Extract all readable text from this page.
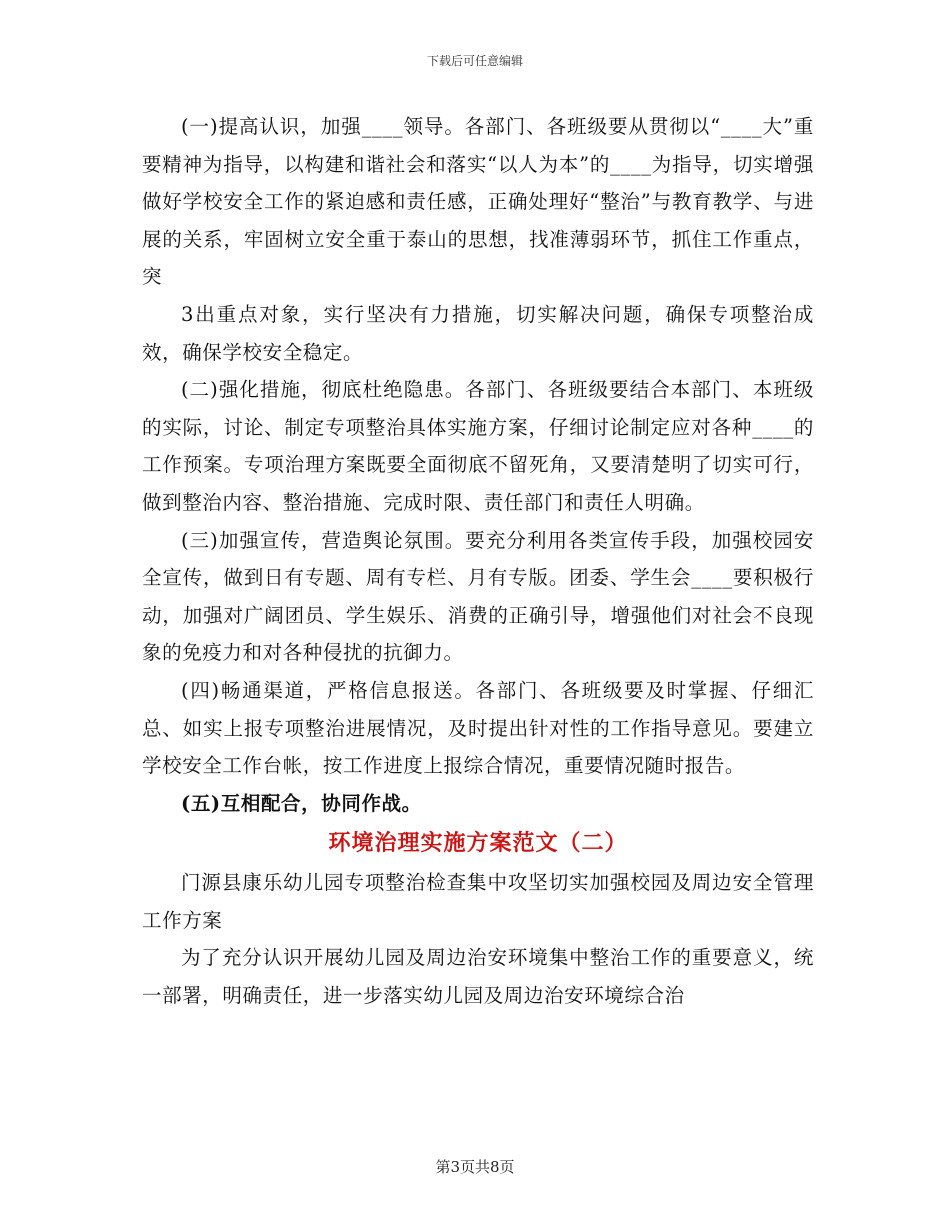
下载后可任意编辑

(一)提高认识，加强____领导。各部门、各班级要从贯彻以“____大”重要精神为指导，以构建和谐社会和落实“以人为本”的____为指导，切实增强做好学校安全工作的紧迫感和责任感，正确处理好“整治”与教育教学、与进展的关系，牢固树立安全重于泰山的思想，找准薄弱环节，抓住工作重点，突

3出重点对象，实行坚决有力措施，切实解决问题，确保专项整治成效，确保学校安全稳定。

(二)强化措施，彻底杜绝隐患。各部门、各班级要结合本部门、本班级的实际，讨论、制定专项整治具体实施方案，仔细讨论制定应对各种____的工作预案。专项治理方案既要全面彻底不留死角，又要清楚明了切实可行，做到整治内容、整治措施、完成时限、责任部门和责任人明确。

(三)加强宣传，营造舆论氛围。要充分利用各类宣传手段，加强校园安全宣传，做到日有专题、周有专栏、月有专版。团委、学生会____要积极行动，加强对广阔团员、学生娱乐、消费的正确引导，增强他们对社会不良现象的免疫力和对各种侵扰的抗御力。

(四)畅通渠道，严格信息报送。各部门、各班级要及时掌握、仔细汇总、如实上报专项整治进展情况，及时提出针对性的工作指导意见。要建立学校安全工作台帐，按工作进度上报综合情况，重要情况随时报告。

(五)互相配合，协同作战。

环境治理实施方案范文（二）

门源县康乐幼儿园专项整治检查集中攻坚切实加强校园及周边安全管理工作方案

为了充分认识开展幼儿园及周边治安环境集中整治工作的重要意义，统一部署，明确责任，进一步落实幼儿园及周边治安环境综合治

第3页共8页
